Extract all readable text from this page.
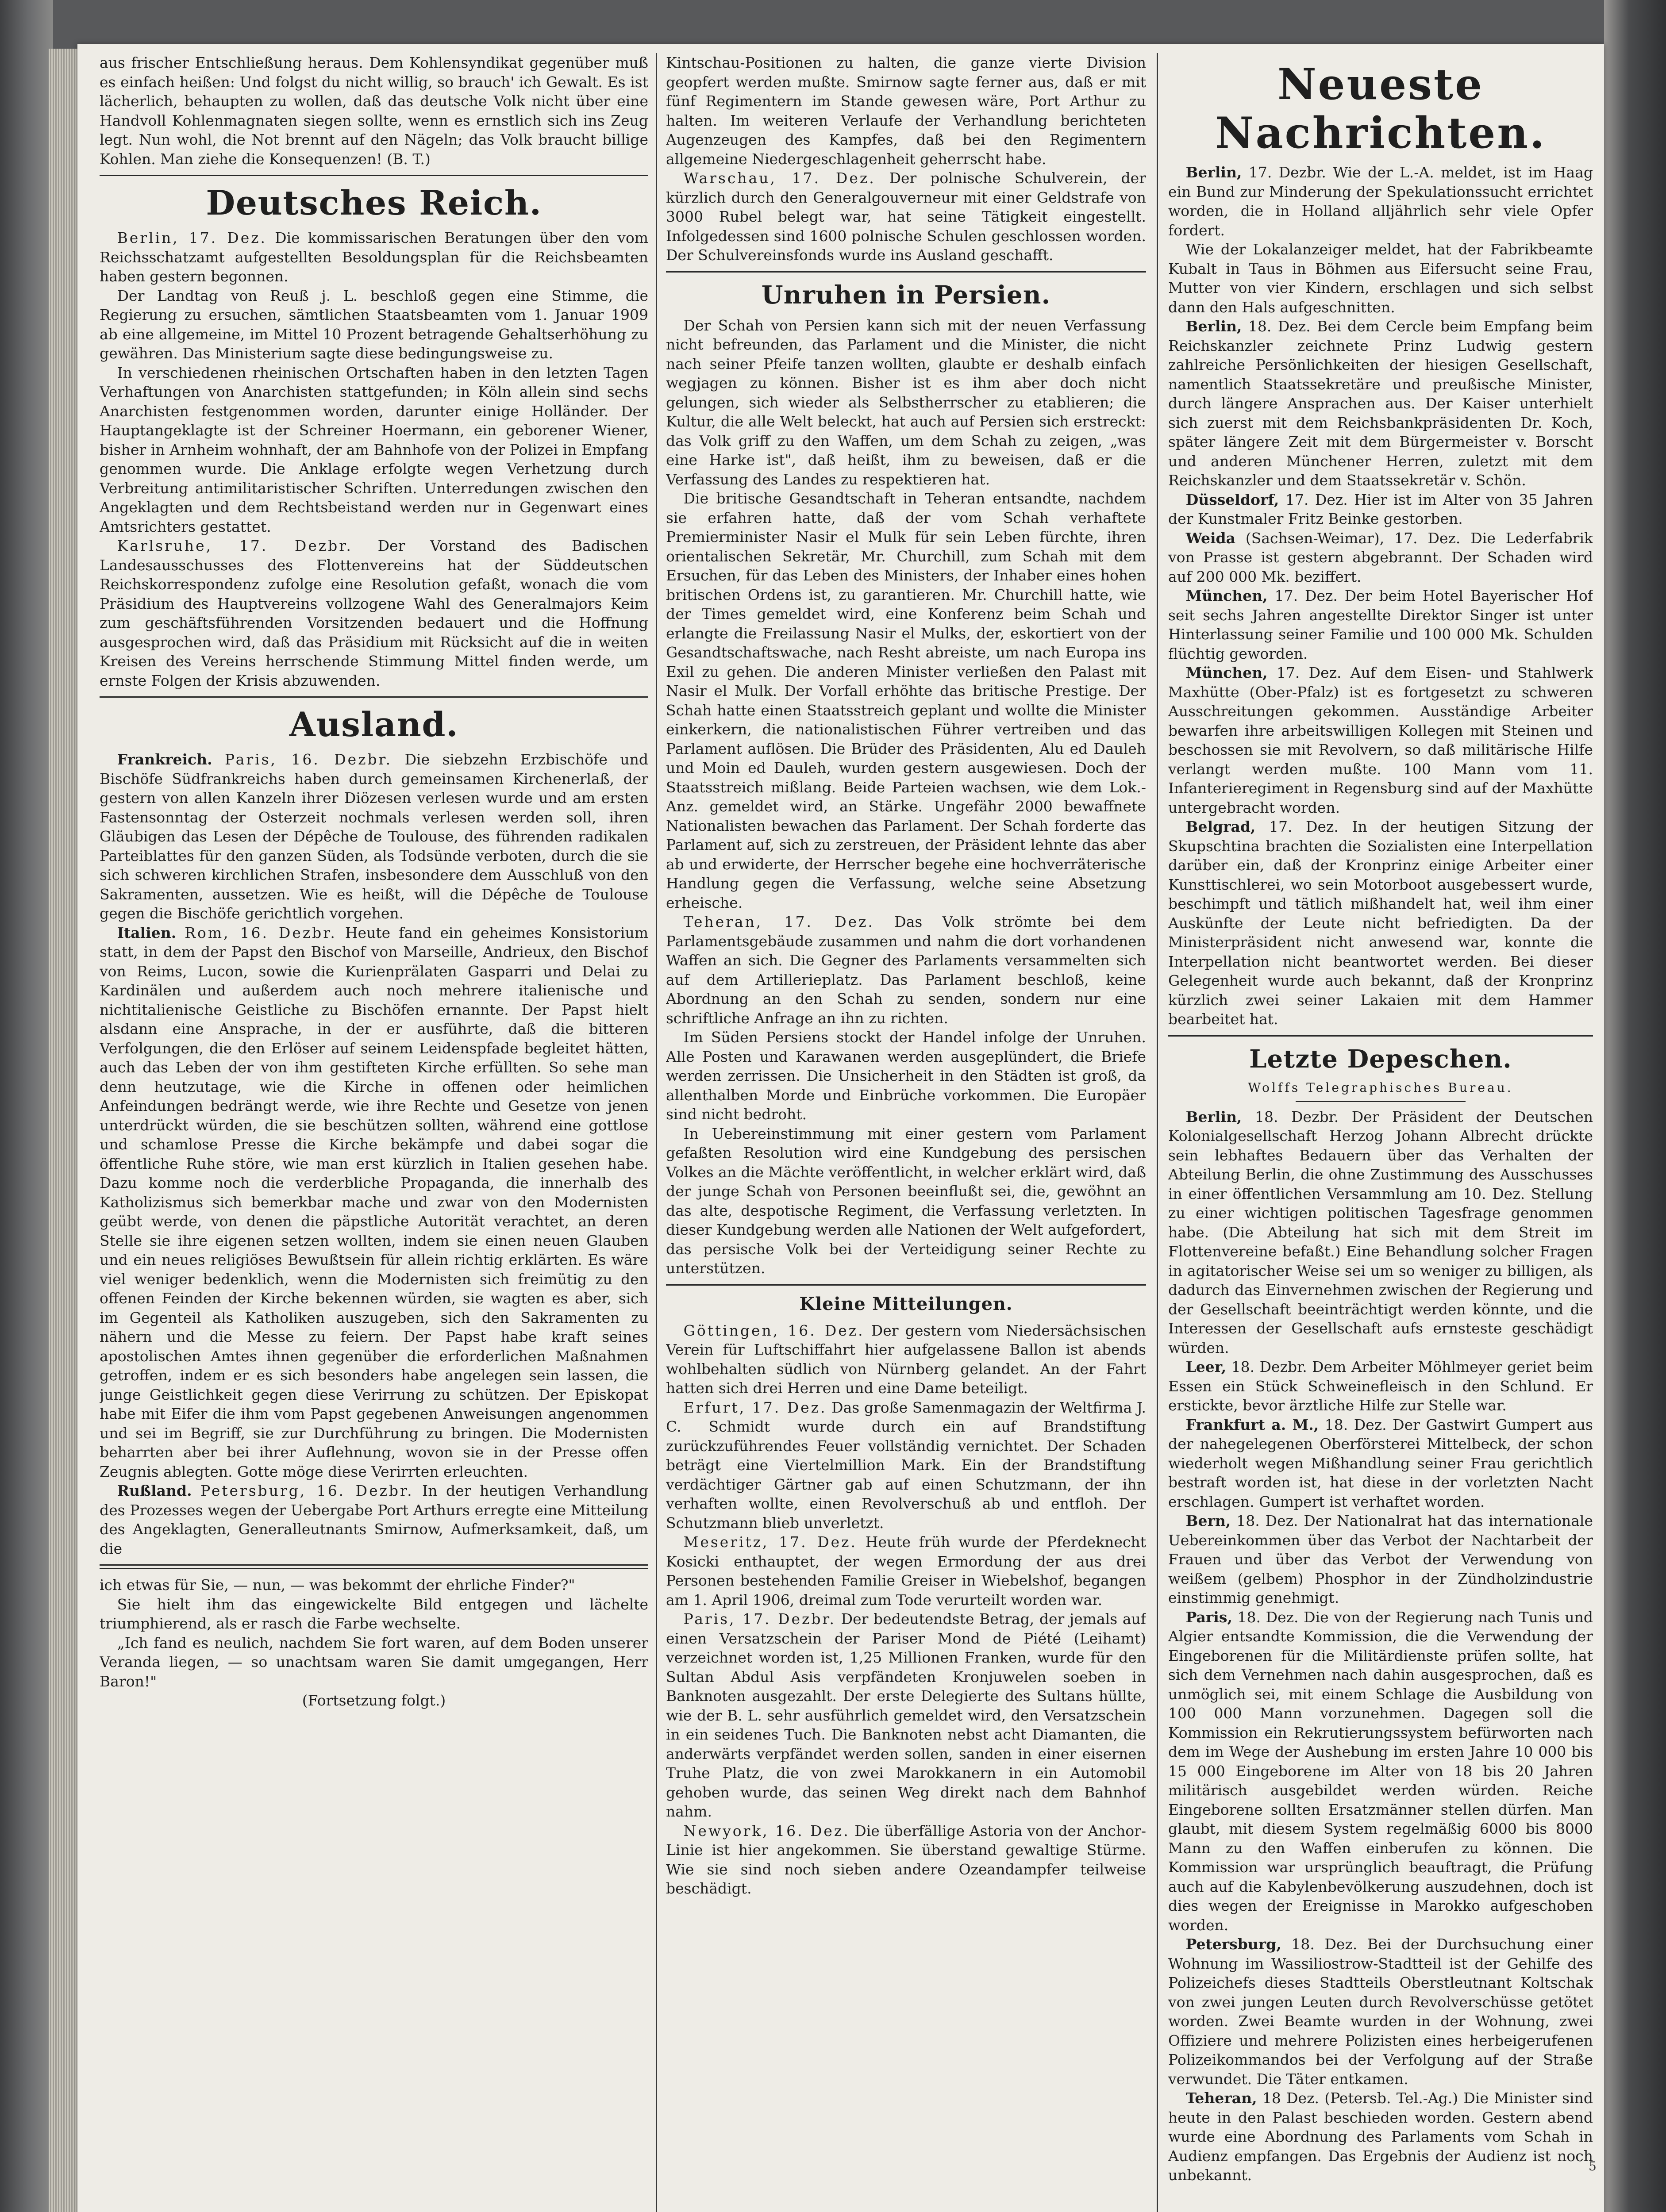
aus frischer Entschließung heraus. Dem Kohlensyndikat gegenüber muß es einfach heißen: Und folgst du nicht willig, so brauch' ich Gewalt. Es ist lächerlich, behaupten zu wollen, daß das deutsche Volk nicht über eine Handvoll Kohlenmagnaten siegen sollte, wenn es ernstlich sich ins Zeug legt. Nun wohl, die Not brennt auf den Nägeln; das Volk braucht billige Kohlen. Man ziehe die Konsequenzen! (B. T.)

Deutsches Reich.

Berlin, 17. Dez. Die kommissarischen Beratungen über den vom Reichsschatzamt aufgestellten Besoldungsplan für die Reichsbeamten haben gestern begonnen.

Der Landtag von Reuß j. L. beschloß gegen eine Stimme, die Regierung zu ersuchen, sämtlichen Staatsbeamten vom 1. Januar 1909 ab eine allgemeine, im Mittel 10 Prozent betragende Gehaltserhöhung zu gewähren. Das Ministerium sagte diese bedingungsweise zu.

In verschiedenen rheinischen Ortschaften haben in den letzten Tagen Verhaftungen von Anarchisten stattgefunden; in Köln allein sind sechs Anarchisten festgenommen worden, darunter einige Holländer. Der Hauptangeklagte ist der Schreiner Hoermann, ein geborener Wiener, bisher in Arnheim wohnhaft, der am Bahnhofe von der Polizei in Empfang genommen wurde. Die Anklage erfolgte wegen Verhetzung durch Verbreitung antimilitaristischer Schriften. Unterredungen zwischen den Angeklagten und dem Rechtsbeistand werden nur in Gegenwart eines Amtsrichters gestattet.

Karlsruhe, 17. Dezbr. Der Vorstand des Badischen Landesausschusses des Flottenvereins hat der Süddeutschen Reichskorrespondenz zufolge eine Resolution gefaßt, wonach die vom Präsidium des Hauptvereins vollzogene Wahl des Generalmajors Keim zum geschäftsführenden Vorsitzenden bedauert und die Hoffnung ausgesprochen wird, daß das Präsidium mit Rücksicht auf die in weiten Kreisen des Vereins herrschende Stimmung Mittel finden werde, um ernste Folgen der Krisis abzuwenden.

Ausland.

Frankreich. Paris, 16. Dezbr. Die siebzehn Erzbischöfe und Bischöfe Südfrankreichs haben durch gemeinsamen Kirchenerlaß, der gestern von allen Kanzeln ihrer Diözesen verlesen wurde und am ersten Fastensonntag der Osterzeit nochmals verlesen werden soll, ihren Gläubigen das Lesen der Dépêche de Toulouse, des führenden radikalen Parteiblattes für den ganzen Süden, als Todsünde verboten, durch die sie sich schweren kirchlichen Strafen, insbesondere dem Ausschluß von den Sakramenten, aussetzen. Wie es heißt, will die Dépêche de Toulouse gegen die Bischöfe gerichtlich vorgehen.

Italien. Rom, 16. Dezbr. Heute fand ein geheimes Konsistorium statt, in dem der Papst den Bischof von Marseille, Andrieux, den Bischof von Reims, Lucon, sowie die Kurienprälaten Gasparri und Delai zu Kardinälen und außerdem auch noch mehrere italienische und nichtitalienische Geistliche zu Bischöfen ernannte. Der Papst hielt alsdann eine Ansprache, in der er ausführte, daß die bitteren Verfolgungen, die den Erlöser auf seinem Leidenspfade begleitet hätten, auch das Leben der von ihm gestifteten Kirche erfüllten. So sehe man denn heutzutage, wie die Kirche in offenen oder heimlichen Anfeindungen bedrängt werde, wie ihre Rechte und Gesetze von jenen unterdrückt würden, die sie beschützen sollten, während eine gottlose und schamlose Presse die Kirche bekämpfe und dabei sogar die öffentliche Ruhe störe, wie man erst kürzlich in Italien gesehen habe. Dazu komme noch die verderbliche Propaganda, die innerhalb des Katholizismus sich bemerkbar mache und zwar von den Modernisten geübt werde, von denen die päpstliche Autorität verachtet, an deren Stelle sie ihre eigenen setzen wollten, indem sie einen neuen Glauben und ein neues religiöses Bewußtsein für allein richtig erklärten. Es wäre viel weniger bedenklich, wenn die Modernisten sich freimütig zu den offenen Feinden der Kirche bekennen würden, sie wagten es aber, sich im Gegenteil als Katholiken auszugeben, sich den Sakramenten zu nähern und die Messe zu feiern. Der Papst habe kraft seines apostolischen Amtes ihnen gegenüber die erforderlichen Maßnahmen getroffen, indem er es sich besonders habe angelegen sein lassen, die junge Geistlichkeit gegen diese Verirrung zu schützen. Der Episkopat habe mit Eifer die ihm vom Papst gegebenen Anweisungen angenommen und sei im Begriff, sie zur Durchführung zu bringen. Die Modernisten beharrten aber bei ihrer Auflehnung, wovon sie in der Presse offen Zeugnis ablegten. Gotte möge diese Verirrten erleuchten.

Rußland. Petersburg, 16. Dezbr. In der heutigen Verhandlung des Prozesses wegen der Uebergabe Port Arthurs erregte eine Mitteilung des Angeklagten, Generalleutnants Smirnow, Aufmerksamkeit, daß, um die

ich etwas für Sie, — nun, — was bekommt der ehrliche Finder?"

Sie hielt ihm das eingewickelte Bild entgegen und lächelte triumphierend, als er rasch die Farbe wechselte.

„Ich fand es neulich, nachdem Sie fort waren, auf dem Boden unserer Veranda liegen, — so unachtsam waren Sie damit umgegangen, Herr Baron!"

(Fortsetzung folgt.)

Kintschau-Positionen zu halten, die ganze vierte Division geopfert werden mußte. Smirnow sagte ferner aus, daß er mit fünf Regimentern im Stande gewesen wäre, Port Arthur zu halten. Im weiteren Verlaufe der Verhandlung berichteten Augenzeugen des Kampfes, daß bei den Regimentern allgemeine Niedergeschlagenheit geherrscht habe.

Warschau, 17. Dez. Der polnische Schulverein, der kürzlich durch den Generalgouverneur mit einer Geldstrafe von 3000 Rubel belegt war, hat seine Tätigkeit eingestellt. Infolgedessen sind 1600 polnische Schulen geschlossen worden. Der Schulvereinsfonds wurde ins Ausland geschafft.

Unruhen in Persien.

Der Schah von Persien kann sich mit der neuen Verfassung nicht befreunden, das Parlament und die Minister, die nicht nach seiner Pfeife tanzen wollten, glaubte er deshalb einfach wegjagen zu können. Bisher ist es ihm aber doch nicht gelungen, sich wieder als Selbstherrscher zu etablieren; die Kultur, die alle Welt beleckt, hat auch auf Persien sich erstreckt: das Volk griff zu den Waffen, um dem Schah zu zeigen, „was eine Harke ist", daß heißt, ihm zu beweisen, daß er die Verfassung des Landes zu respektieren hat.

Die britische Gesandtschaft in Teheran entsandte, nachdem sie erfahren hatte, daß der vom Schah verhaftete Premierminister Nasir el Mulk für sein Leben fürchte, ihren orientalischen Sekretär, Mr. Churchill, zum Schah mit dem Ersuchen, für das Leben des Ministers, der Inhaber eines hohen britischen Ordens ist, zu garantieren. Mr. Churchill hatte, wie der Times gemeldet wird, eine Konferenz beim Schah und erlangte die Freilassung Nasir el Mulks, der, eskortiert von der Gesandtschaftswache, nach Resht abreiste, um nach Europa ins Exil zu gehen. Die anderen Minister verließen den Palast mit Nasir el Mulk. Der Vorfall erhöhte das britische Prestige. Der Schah hatte einen Staatsstreich geplant und wollte die Minister einkerkern, die nationalistischen Führer vertreiben und das Parlament auflösen. Die Brüder des Präsidenten, Alu ed Dauleh und Moin ed Dauleh, wurden gestern ausgewiesen. Doch der Staatsstreich mißlang. Beide Parteien wachsen, wie dem Lok.-Anz. gemeldet wird, an Stärke. Ungefähr 2000 bewaffnete Nationalisten bewachen das Parlament. Der Schah forderte das Parlament auf, sich zu zerstreuen, der Präsident lehnte das aber ab und erwiderte, der Herrscher begehe eine hochverräterische Handlung gegen die Verfassung, welche seine Absetzung erheische.

Teheran, 17. Dez. Das Volk strömte bei dem Parlamentsgebäude zusammen und nahm die dort vorhandenen Waffen an sich. Die Gegner des Parlaments versammelten sich auf dem Artillerieplatz. Das Parlament beschloß, keine Abordnung an den Schah zu senden, sondern nur eine schriftliche Anfrage an ihn zu richten.

Im Süden Persiens stockt der Handel infolge der Unruhen. Alle Posten und Karawanen werden ausgeplündert, die Briefe werden zerrissen. Die Unsicherheit in den Städten ist groß, da allenthalben Morde und Einbrüche vorkommen. Die Europäer sind nicht bedroht.

In Uebereinstimmung mit einer gestern vom Parlament gefaßten Resolution wird eine Kundgebung des persischen Volkes an die Mächte veröffentlicht, in welcher erklärt wird, daß der junge Schah von Personen beeinflußt sei, die, gewöhnt an das alte, despotische Regiment, die Verfassung verletzten. In dieser Kundgebung werden alle Nationen der Welt aufgefordert, das persische Volk bei der Verteidigung seiner Rechte zu unterstützen.

Kleine Mitteilungen.

Göttingen, 16. Dez. Der gestern vom Niedersächsischen Verein für Luftschiffahrt hier aufgelassene Ballon ist abends wohlbehalten südlich von Nürnberg gelandet. An der Fahrt hatten sich drei Herren und eine Dame beteiligt.

Erfurt, 17. Dez. Das große Samenmagazin der Weltfirma J. C. Schmidt wurde durch ein auf Brandstiftung zurückzuführendes Feuer vollständig vernichtet. Der Schaden beträgt eine Viertelmillion Mark. Ein der Brandstiftung verdächtiger Gärtner gab auf einen Schutzmann, der ihn verhaften wollte, einen Revolverschuß ab und entfloh. Der Schutzmann blieb unverletzt.

Meseritz, 17. Dez. Heute früh wurde der Pferdeknecht Kosicki enthauptet, der wegen Ermordung der aus drei Personen bestehenden Familie Greiser in Wiebelshof, begangen am 1. April 1906, dreimal zum Tode verurteilt worden war.

Paris, 17. Dezbr. Der bedeutendste Betrag, der jemals auf einen Versatzschein der Pariser Mond de Piété (Leihamt) verzeichnet worden ist, 1,25 Millionen Franken, wurde für den Sultan Abdul Asis verpfändeten Kronjuwelen soeben in Banknoten ausgezahlt. Der erste Delegierte des Sultans hüllte, wie der B. L. sehr ausführlich gemeldet wird, den Versatzschein in ein seidenes Tuch. Die Banknoten nebst acht Diamanten, die anderwärts verpfändet werden sollen, sanden in einer eisernen Truhe Platz, die von zwei Marokkanern in ein Automobil gehoben wurde, das seinen Weg direkt nach dem Bahnhof nahm.

Newyork, 16. Dez. Die überfällige Astoria von der Anchor-Linie ist hier angekommen. Sie überstand gewaltige Stürme. Wie sie sind noch sieben andere Ozeandampfer teilweise beschädigt.

Neueste Nachrichten.

Berlin, 17. Dezbr. Wie der L.-A. meldet, ist im Haag ein Bund zur Minderung der Spekulationssucht errichtet worden, die in Holland alljährlich sehr viele Opfer fordert.

Wie der Lokalanzeiger meldet, hat der Fabrikbeamte Kubalt in Taus in Böhmen aus Eifersucht seine Frau, Mutter von vier Kindern, erschlagen und sich selbst dann den Hals aufgeschnitten.

Berlin, 18. Dez. Bei dem Cercle beim Empfang beim Reichskanzler zeichnete Prinz Ludwig gestern zahlreiche Persönlichkeiten der hiesigen Gesellschaft, namentlich Staatssekretäre und preußische Minister, durch längere Ansprachen aus. Der Kaiser unterhielt sich zuerst mit dem Reichsbankpräsidenten Dr. Koch, später längere Zeit mit dem Bürgermeister v. Borscht und anderen Münchener Herren, zuletzt mit dem Reichskanzler und dem Staatssekretär v. Schön.

Düsseldorf, 17. Dez. Hier ist im Alter von 35 Jahren der Kunstmaler Fritz Beinke gestorben.

Weida (Sachsen-Weimar), 17. Dez. Die Lederfabrik von Prasse ist gestern abgebrannt. Der Schaden wird auf 200 000 Mk. beziffert.

München, 17. Dez. Der beim Hotel Bayerischer Hof seit sechs Jahren angestellte Direktor Singer ist unter Hinterlassung seiner Familie und 100 000 Mk. Schulden flüchtig geworden.

München, 17. Dez. Auf dem Eisen- und Stahlwerk Maxhütte (Ober-Pfalz) ist es fortgesetzt zu schweren Ausschreitungen gekommen. Ausständige Arbeiter bewarfen ihre arbeitswilligen Kollegen mit Steinen und beschossen sie mit Revolvern, so daß militärische Hilfe verlangt werden mußte. 100 Mann vom 11. Infanterieregiment in Regensburg sind auf der Maxhütte untergebracht worden.

Belgrad, 17. Dez. In der heutigen Sitzung der Skupschtina brachten die Sozialisten eine Interpellation darüber ein, daß der Kronprinz einige Arbeiter einer Kunsttischlerei, wo sein Motorboot ausgebessert wurde, beschimpft und tätlich mißhandelt hat, weil ihm einer Auskünfte der Leute nicht befriedigten. Da der Ministerpräsident nicht anwesend war, konnte die Interpellation nicht beantwortet werden. Bei dieser Gelegenheit wurde auch bekannt, daß der Kronprinz kürzlich zwei seiner Lakaien mit dem Hammer bearbeitet hat.

Letzte Depeschen.
Wolffs Telegraphisches Bureau.

Berlin, 18. Dezbr. Der Präsident der Deutschen Kolonialgesellschaft Herzog Johann Albrecht drückte sein lebhaftes Bedauern über das Verhalten der Abteilung Berlin, die ohne Zustimmung des Ausschusses in einer öffentlichen Versammlung am 10. Dez. Stellung zu einer wichtigen politischen Tagesfrage genommen habe. (Die Abteilung hat sich mit dem Streit im Flottenvereine befaßt.) Eine Behandlung solcher Fragen in agitatorischer Weise sei um so weniger zu billigen, als dadurch das Einvernehmen zwischen der Regierung und der Gesellschaft beeinträchtigt werden könnte, und die Interessen der Gesellschaft aufs ernsteste geschädigt würden.

Leer, 18. Dezbr. Dem Arbeiter Möhlmeyer geriet beim Essen ein Stück Schweinefleisch in den Schlund. Er erstickte, bevor ärztliche Hilfe zur Stelle war.

Frankfurt a. M., 18. Dez. Der Gastwirt Gumpert aus der nahegelegenen Oberförsterei Mittelbeck, der schon wiederholt wegen Mißhandlung seiner Frau gerichtlich bestraft worden ist, hat diese in der vorletzten Nacht erschlagen. Gumpert ist verhaftet worden.

Bern, 18. Dez. Der Nationalrat hat das internationale Uebereinkommen über das Verbot der Nachtarbeit der Frauen und über das Verbot der Verwendung von weißem (gelbem) Phosphor in der Zündholzindustrie einstimmig genehmigt.

Paris, 18. Dez. Die von der Regierung nach Tunis und Algier entsandte Kommission, die die Verwendung der Eingeborenen für die Militärdienste prüfen sollte, hat sich dem Vernehmen nach dahin ausgesprochen, daß es unmöglich sei, mit einem Schlage die Ausbildung von 100 000 Mann vorzunehmen. Dagegen soll die Kommission ein Rekrutierungssystem befürworten nach dem im Wege der Aushebung im ersten Jahre 10 000 bis 15 000 Eingeborene im Alter von 18 bis 20 Jahren militärisch ausgebildet werden würden. Reiche Eingeborene sollten Ersatzmänner stellen dürfen. Man glaubt, mit diesem System regelmäßig 6000 bis 8000 Mann zu den Waffen einberufen zu können. Die Kommission war ursprünglich beauftragt, die Prüfung auch auf die Kabylenbevölkerung auszudehnen, doch ist dies wegen der Ereignisse in Marokko aufgeschoben worden.

Petersburg, 18. Dez. Bei der Durchsuchung einer Wohnung im Wassiliostrow-Stadtteil ist der Gehilfe des Polizeichefs dieses Stadtteils Oberstleutnant Koltschak von zwei jungen Leuten durch Revolverschüsse getötet worden. Zwei Beamte wurden in der Wohnung, zwei Offiziere und mehrere Polizisten eines herbeigerufenen Polizeikommandos bei der Verfolgung auf der Straße verwundet. Die Täter entkamen.

Teheran, 18 Dez. (Petersb. Tel.-Ag.) Die Minister sind heute in den Palast beschieden worden. Gestern abend wurde eine Abordnung des Parlaments vom Schah in Audienz empfangen. Das Ergebnis der Audienz ist noch unbekannt.

5
